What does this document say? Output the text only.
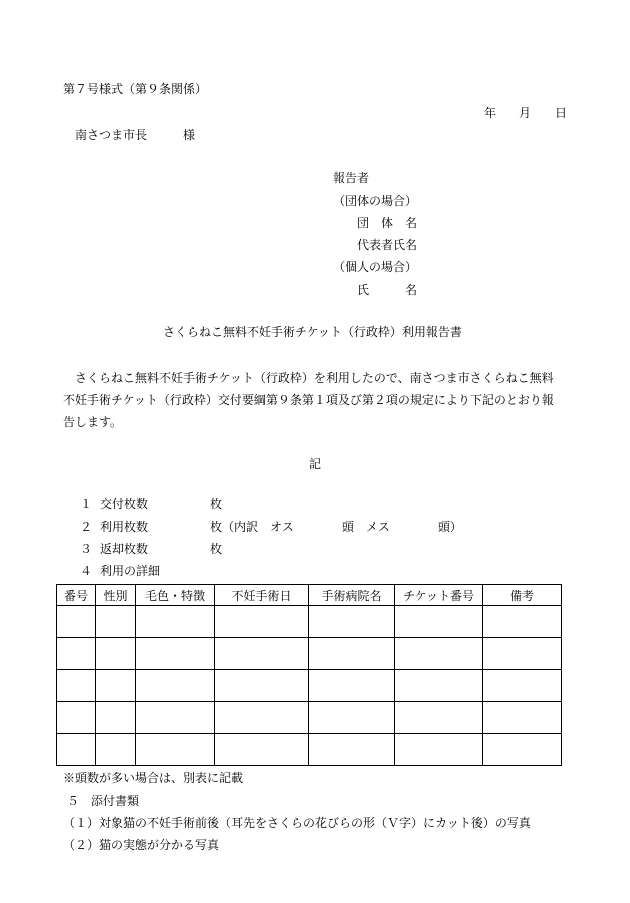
第７号様式（第９条関係）
年 月 日
南さつま市長　　　様
報告者
（団体の場合）
団　体　名
代表者氏名
（個人の場合）
氏　　　名
さくらねこ無料不妊手術チケット（行政枠）利用報告書
　さくらねこ無料不妊手術チケット（行政枠）を利用したので、南さつま市さくらねこ無料
不妊手術チケット（行政枠）交付要綱第９条第１項及び第２項の規定により下記のとおり報
告します。
記
１ 交付枚数	枚
２ 利用枚数	枚（内訳　オス　　　　頭　メス　　　　頭）
３ 返却枚数	枚
４ 利用の詳細
番号	性別	毛色・特徴	不妊手術日	手術病院名	チケット番号	備考

※頭数が多い場合は、別表に記載
５　添付書類
（１）対象猫の不妊手術前後（耳先をさくらの花びらの形（Ｖ字）にカット後）の写真
（２）猫の実態が分かる写真
